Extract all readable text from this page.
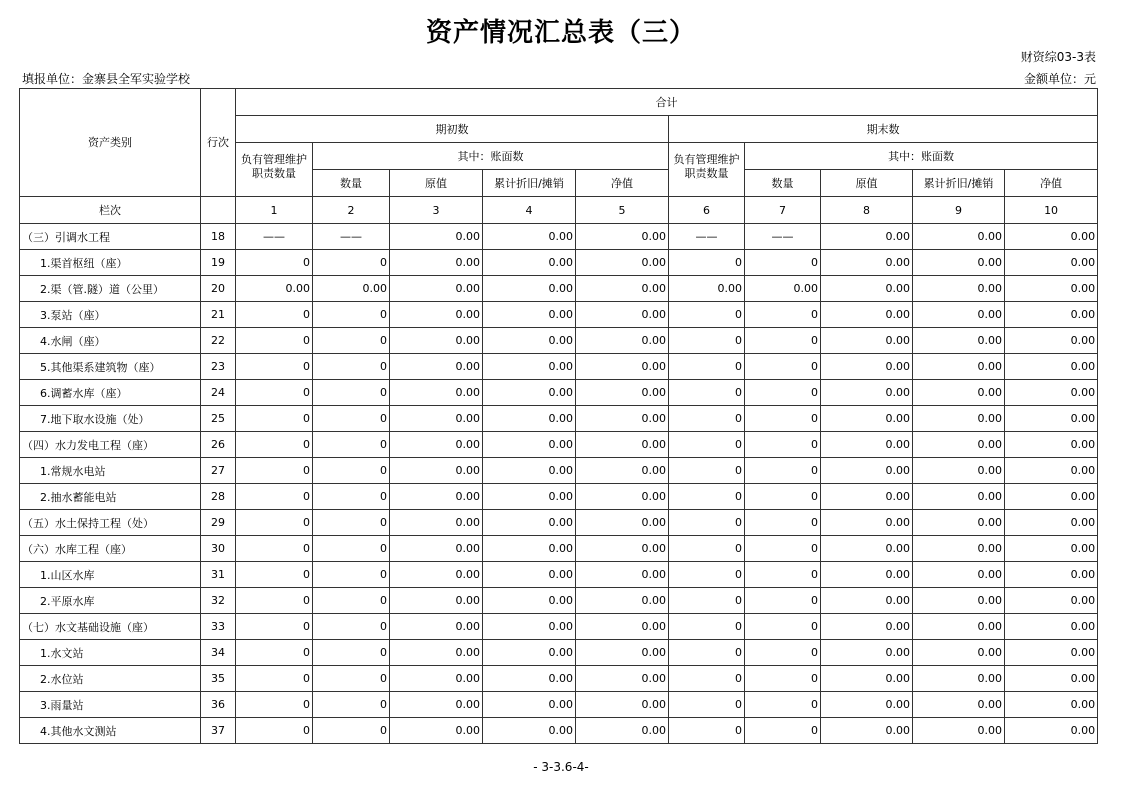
资产情况汇总表（三）
财资综03-3表
填报单位：金寨县全军实验学校	金额单位：元
资产类别	行次	合计									
		期初数					期末数				
		负有管理维护职责数量	其中：账面数				负有管理维护职责数量	其中：账面数			
			数量	原值	累计折旧/摊销	净值		数量	原值	累计折旧/摊销	净值
栏次		1	2	3	4	5	6	7	8	9	10
（三）引调水工程	18	——	——	0.00	0.00	0.00	——	——	0.00	0.00	0.00
1.渠首枢纽（座）	19	0	0	0.00	0.00	0.00	0	0	0.00	0.00	0.00
2.渠（管.隧）道（公里）	20	0.00	0.00	0.00	0.00	0.00	0.00	0.00	0.00	0.00	0.00
3.泵站（座）	21	0	0	0.00	0.00	0.00	0	0	0.00	0.00	0.00
4.水闸（座）	22	0	0	0.00	0.00	0.00	0	0	0.00	0.00	0.00
5.其他渠系建筑物（座）	23	0	0	0.00	0.00	0.00	0	0	0.00	0.00	0.00
6.调蓄水库（座）	24	0	0	0.00	0.00	0.00	0	0	0.00	0.00	0.00
7.地下取水设施（处）	25	0	0	0.00	0.00	0.00	0	0	0.00	0.00	0.00
（四）水力发电工程（座）	26	0	0	0.00	0.00	0.00	0	0	0.00	0.00	0.00
1.常规水电站	27	0	0	0.00	0.00	0.00	0	0	0.00	0.00	0.00
2.抽水蓄能电站	28	0	0	0.00	0.00	0.00	0	0	0.00	0.00	0.00
（五）水土保持工程（处）	29	0	0	0.00	0.00	0.00	0	0	0.00	0.00	0.00
（六）水库工程（座）	30	0	0	0.00	0.00	0.00	0	0	0.00	0.00	0.00
1.山区水库	31	0	0	0.00	0.00	0.00	0	0	0.00	0.00	0.00
2.平原水库	32	0	0	0.00	0.00	0.00	0	0	0.00	0.00	0.00
（七）水文基础设施（座）	33	0	0	0.00	0.00	0.00	0	0	0.00	0.00	0.00
1.水文站	34	0	0	0.00	0.00	0.00	0	0	0.00	0.00	0.00
2.水位站	35	0	0	0.00	0.00	0.00	0	0	0.00	0.00	0.00
3.雨量站	36	0	0	0.00	0.00	0.00	0	0	0.00	0.00	0.00
4.其他水文测站	37	0	0	0.00	0.00	0.00	0	0	0.00	0.00	0.00
- 3-3.6-4-
